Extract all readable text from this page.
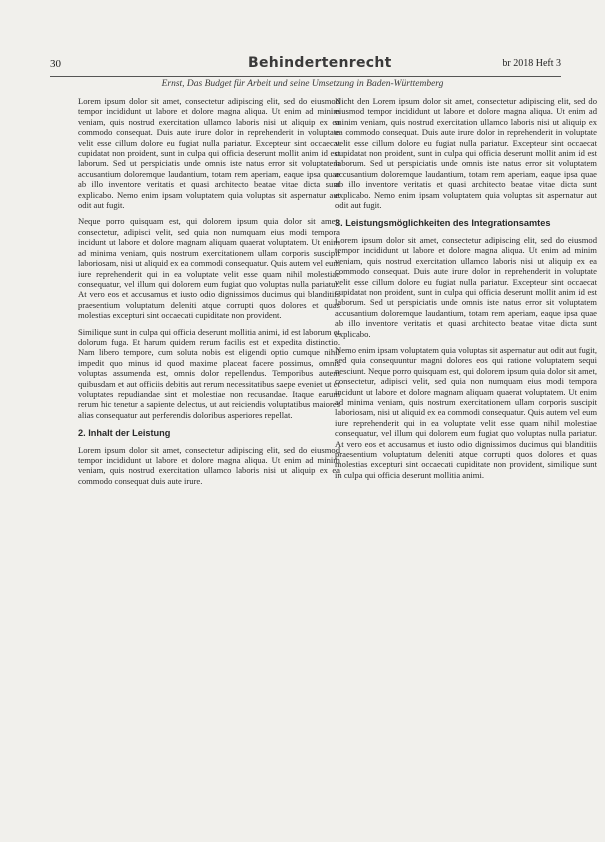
30	Behindertenrecht	br 2018 Heft 3
Ernst, Das Budget für Arbeit und seine Umsetzung in Baden-Württemberg

Lorem ipsum dolor sit amet, consectetur adipiscing elit, sed do eiusmod tempor incididunt ut labore et dolore magna aliqua. Ut enim ad minim veniam, quis nostrud exercitation ullamco laboris nisi ut aliquip ex ea commodo consequat. Duis aute irure dolor in reprehenderit in voluptate velit esse cillum dolore eu fugiat nulla pariatur. Excepteur sint occaecat cupidatat non proident, sunt in culpa qui officia deserunt mollit anim id est laborum. Sed ut perspiciatis unde omnis iste natus error sit voluptatem accusantium doloremque laudantium, totam rem aperiam, eaque ipsa quae ab illo inventore veritatis et quasi architecto beatae vitae dicta sunt explicabo. Nemo enim ipsam voluptatem quia voluptas sit aspernatur aut odit aut fugit.

Neque porro quisquam est, qui dolorem ipsum quia dolor sit amet, consectetur, adipisci velit, sed quia non numquam eius modi tempora incidunt ut labore et dolore magnam aliquam quaerat voluptatem. Ut enim ad minima veniam, quis nostrum exercitationem ullam corporis suscipit laboriosam, nisi ut aliquid ex ea commodi consequatur. Quis autem vel eum iure reprehenderit qui in ea voluptate velit esse quam nihil molestiae consequatur, vel illum qui dolorem eum fugiat quo voluptas nulla pariatur. At vero eos et accusamus et iusto odio dignissimos ducimus qui blanditiis praesentium voluptatum deleniti atque corrupti quos dolores et quas molestias excepturi sint occaecati cupiditate non provident.

Similique sunt in culpa qui officia deserunt mollitia animi, id est laborum et dolorum fuga. Et harum quidem rerum facilis est et expedita distinctio. Nam libero tempore, cum soluta nobis est eligendi optio cumque nihil impedit quo minus id quod maxime placeat facere possimus, omnis voluptas assumenda est, omnis dolor repellendus. Temporibus autem quibusdam et aut officiis debitis aut rerum necessitatibus saepe eveniet ut et voluptates repudiandae sint et molestiae non recusandae. Itaque earum rerum hic tenetur a sapiente delectus, ut aut reiciendis voluptatibus maiores alias consequatur aut perferendis doloribus asperiores repellat.

2. Inhalt der Leistung

Lorem ipsum dolor sit amet, consectetur adipiscing elit, sed do eiusmod tempor incididunt ut labore et dolore magna aliqua. Ut enim ad minim veniam, quis nostrud exercitation ullamco laboris nisi ut aliquip ex ea commodo consequat duis aute irure.

Nicht den Lorem ipsum dolor sit amet, consectetur adipiscing elit, sed do eiusmod tempor incididunt ut labore et dolore magna aliqua. Ut enim ad minim veniam, quis nostrud exercitation ullamco laboris nisi ut aliquip ex ea commodo consequat. Duis aute irure dolor in reprehenderit in voluptate velit esse cillum dolore eu fugiat nulla pariatur. Excepteur sint occaecat cupidatat non proident, sunt in culpa qui officia deserunt mollit anim id est laborum. Sed ut perspiciatis unde omnis iste natus error sit voluptatem accusantium doloremque laudantium, totam rem aperiam, eaque ipsa quae ab illo inventore veritatis et quasi architecto beatae vitae dicta sunt explicabo. Nemo enim ipsam voluptatem quia voluptas sit aspernatur aut odit aut fugit.

3. Leistungsmöglichkeiten des Integrationsamtes

Lorem ipsum dolor sit amet, consectetur adipiscing elit, sed do eiusmod tempor incididunt ut labore et dolore magna aliqua. Ut enim ad minim veniam, quis nostrud exercitation ullamco laboris nisi ut aliquip ex ea commodo consequat. Duis aute irure dolor in reprehenderit in voluptate velit esse cillum dolore eu fugiat nulla pariatur. Excepteur sint occaecat cupidatat non proident, sunt in culpa qui officia deserunt mollit anim id est laborum. Sed ut perspiciatis unde omnis iste natus error sit voluptatem accusantium doloremque laudantium, totam rem aperiam, eaque ipsa quae ab illo inventore veritatis et quasi architecto beatae vitae dicta sunt explicabo.

Nemo enim ipsam voluptatem quia voluptas sit aspernatur aut odit aut fugit, sed quia consequuntur magni dolores eos qui ratione voluptatem sequi nesciunt. Neque porro quisquam est, qui dolorem ipsum quia dolor sit amet, consectetur, adipisci velit, sed quia non numquam eius modi tempora incidunt ut labore et dolore magnam aliquam quaerat voluptatem. Ut enim ad minima veniam, quis nostrum exercitationem ullam corporis suscipit laboriosam, nisi ut aliquid ex ea commodi consequatur. Quis autem vel eum iure reprehenderit qui in ea voluptate velit esse quam nihil molestiae consequatur, vel illum qui dolorem eum fugiat quo voluptas nulla pariatur. At vero eos et accusamus et iusto odio dignissimos ducimus qui blanditiis praesentium voluptatum deleniti atque corrupti quos dolores et quas molestias excepturi sint occaecati cupiditate non provident, similique sunt in culpa qui officia deserunt mollitia animi.
